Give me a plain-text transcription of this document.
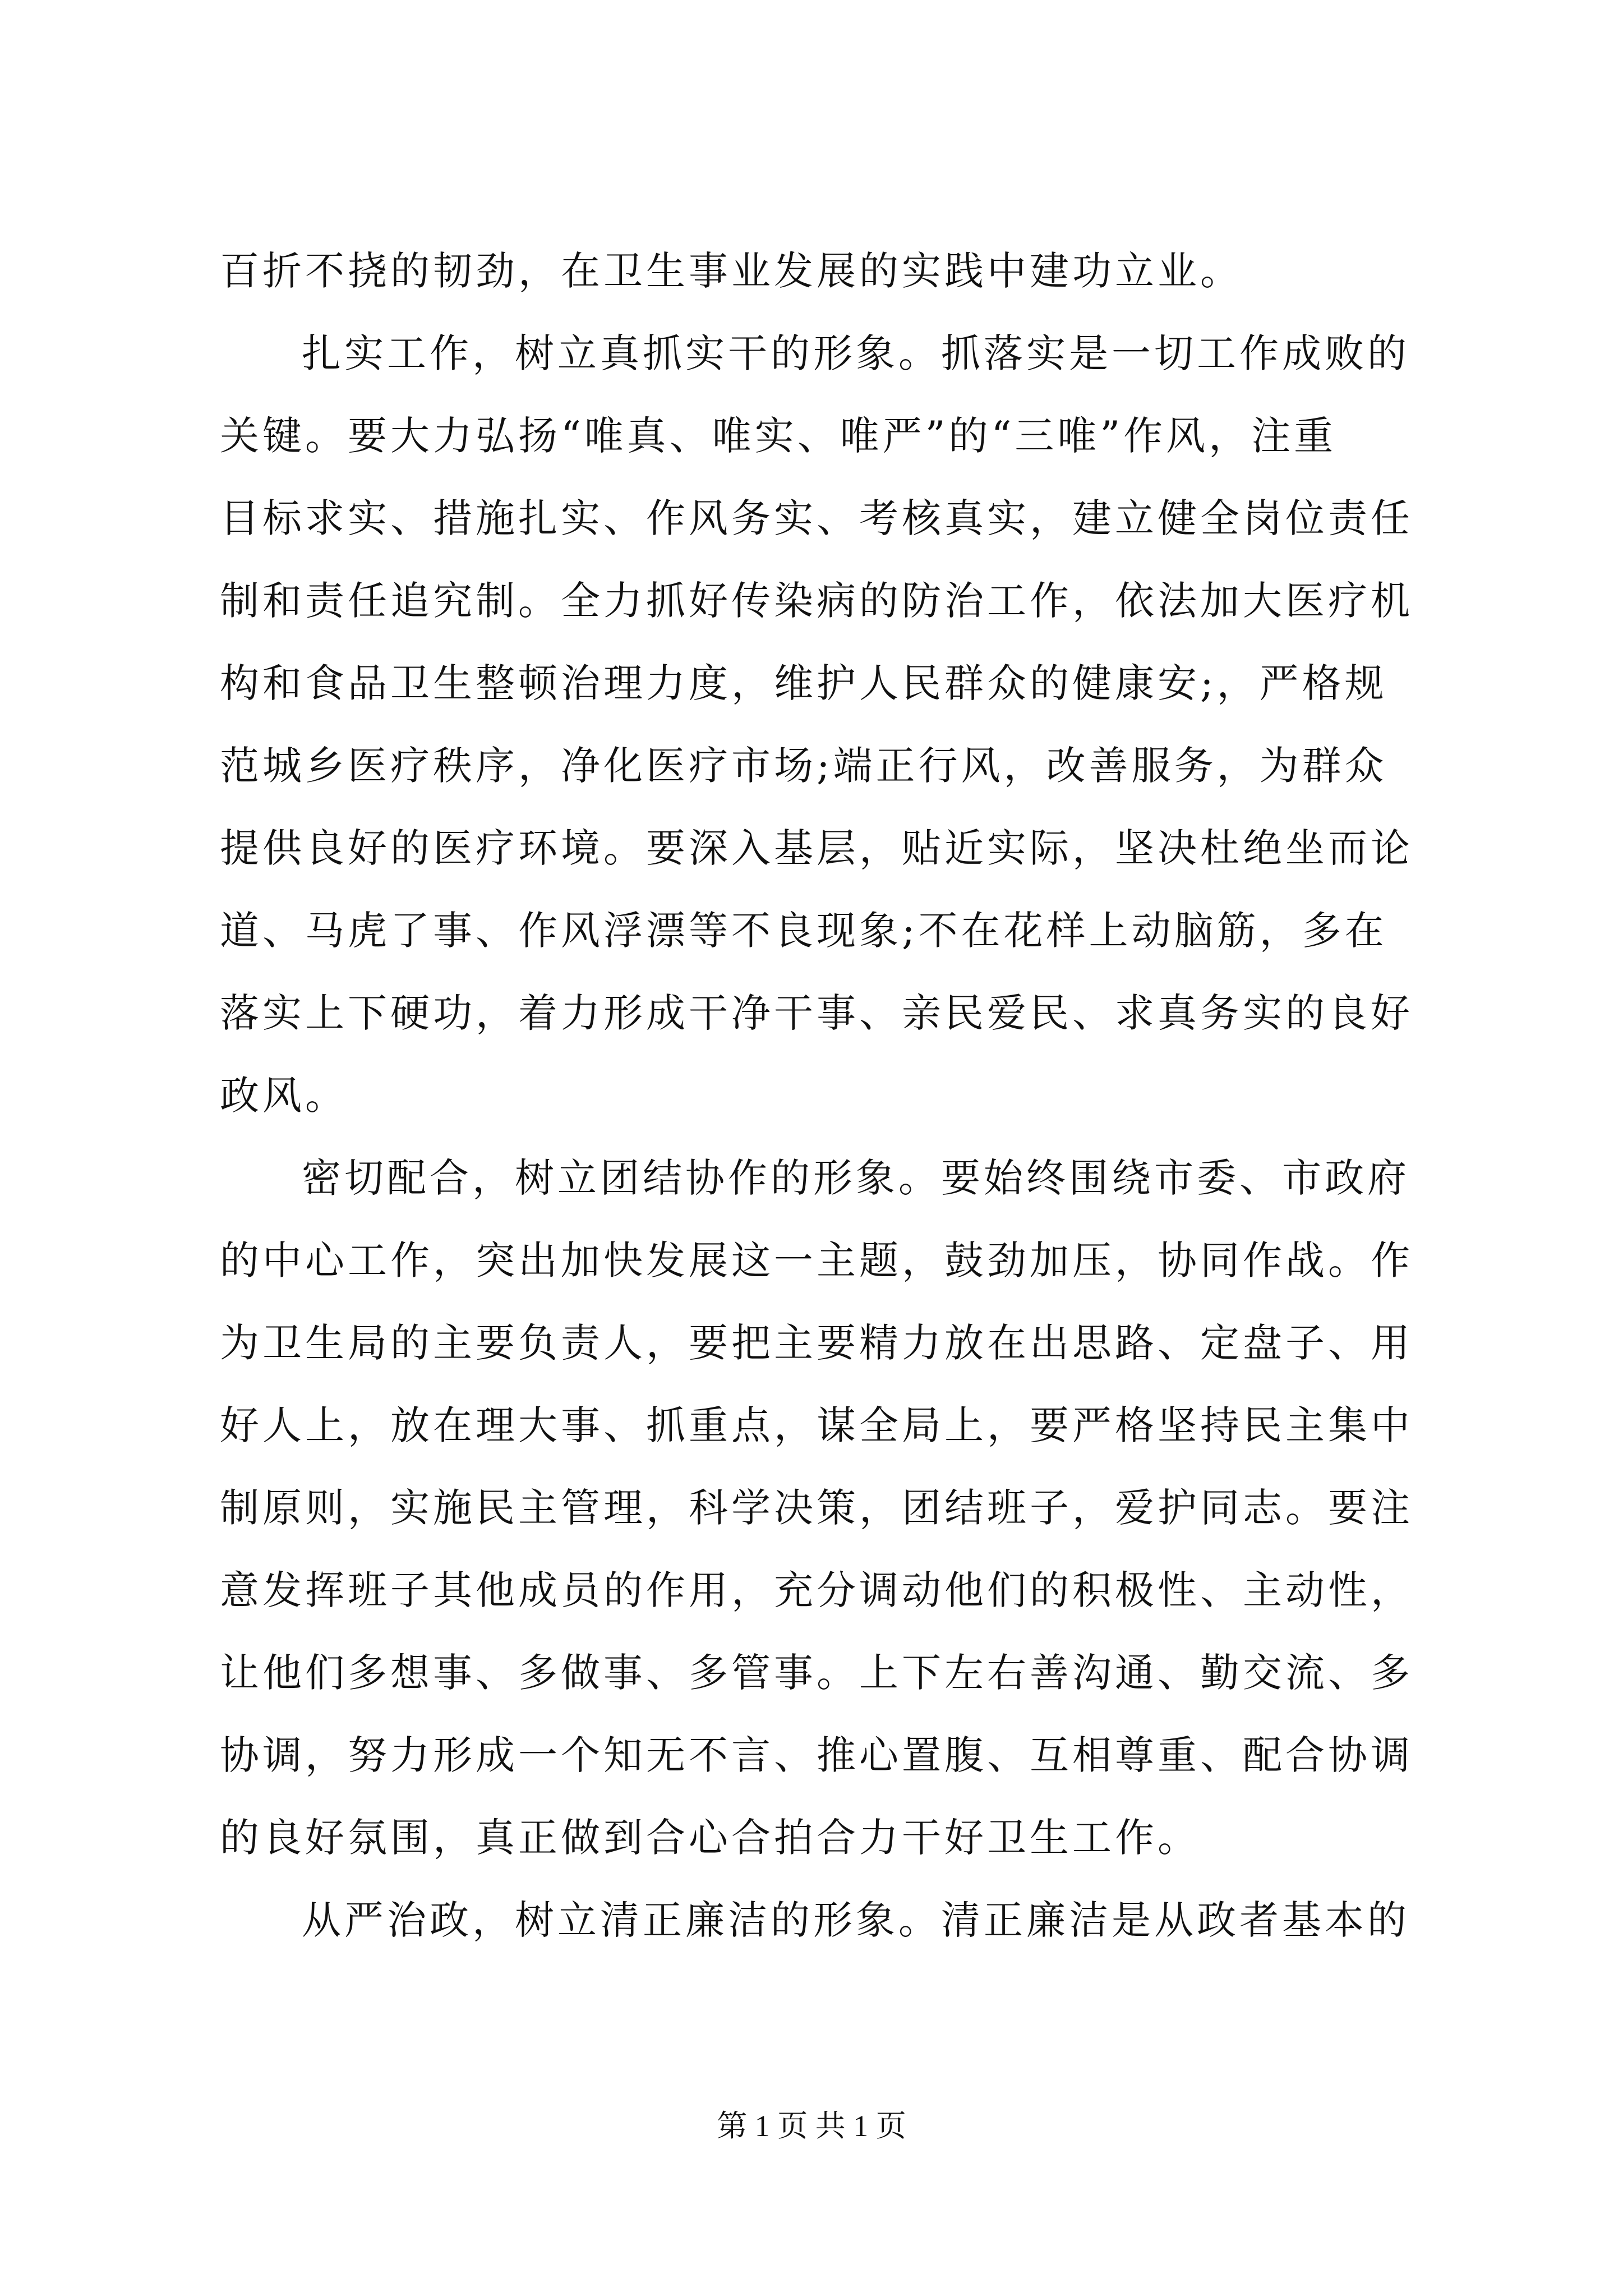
百折不挠的韧劲，在卫生事业发展的实践中建功立业。
扎实工作，树立真抓实干的形象。抓落实是一切工作成败的
关键。要大力弘扬“唯真、唯实、唯严”的“三唯”作风，注重
目标求实、措施扎实、作风务实、考核真实，建立健全岗位责任
制和责任追究制。全力抓好传染病的防治工作，依法加大医疗机
构和食品卫生整顿治理力度，维护人民群众的健康安;，严格规
范城乡医疗秩序，净化医疗市场;端正行风，改善服务，为群众
提供良好的医疗环境。要深入基层，贴近实际，坚决杜绝坐而论
道、马虎了事、作风浮漂等不良现象;不在花样上动脑筋，多在
落实上下硬功，着力形成干净干事、亲民爱民、求真务实的良好
政风。
密切配合，树立团结协作的形象。要始终围绕市委、市政府
的中心工作，突出加快发展这一主题，鼓劲加压，协同作战。作
为卫生局的主要负责人，要把主要精力放在出思路、定盘子、用
好人上，放在理大事、抓重点，谋全局上，要严格坚持民主集中
制原则，实施民主管理，科学决策，团结班子，爱护同志。要注
意发挥班子其他成员的作用，充分调动他们的积极性、主动性，
让他们多想事、多做事、多管事。上下左右善沟通、勤交流、多
协调，努力形成一个知无不言、推心置腹、互相尊重、配合协调
的良好氛围，真正做到合心合拍合力干好卫生工作。
从严治政，树立清正廉洁的形象。清正廉洁是从政者基本的
第 1 页 共 1 页
